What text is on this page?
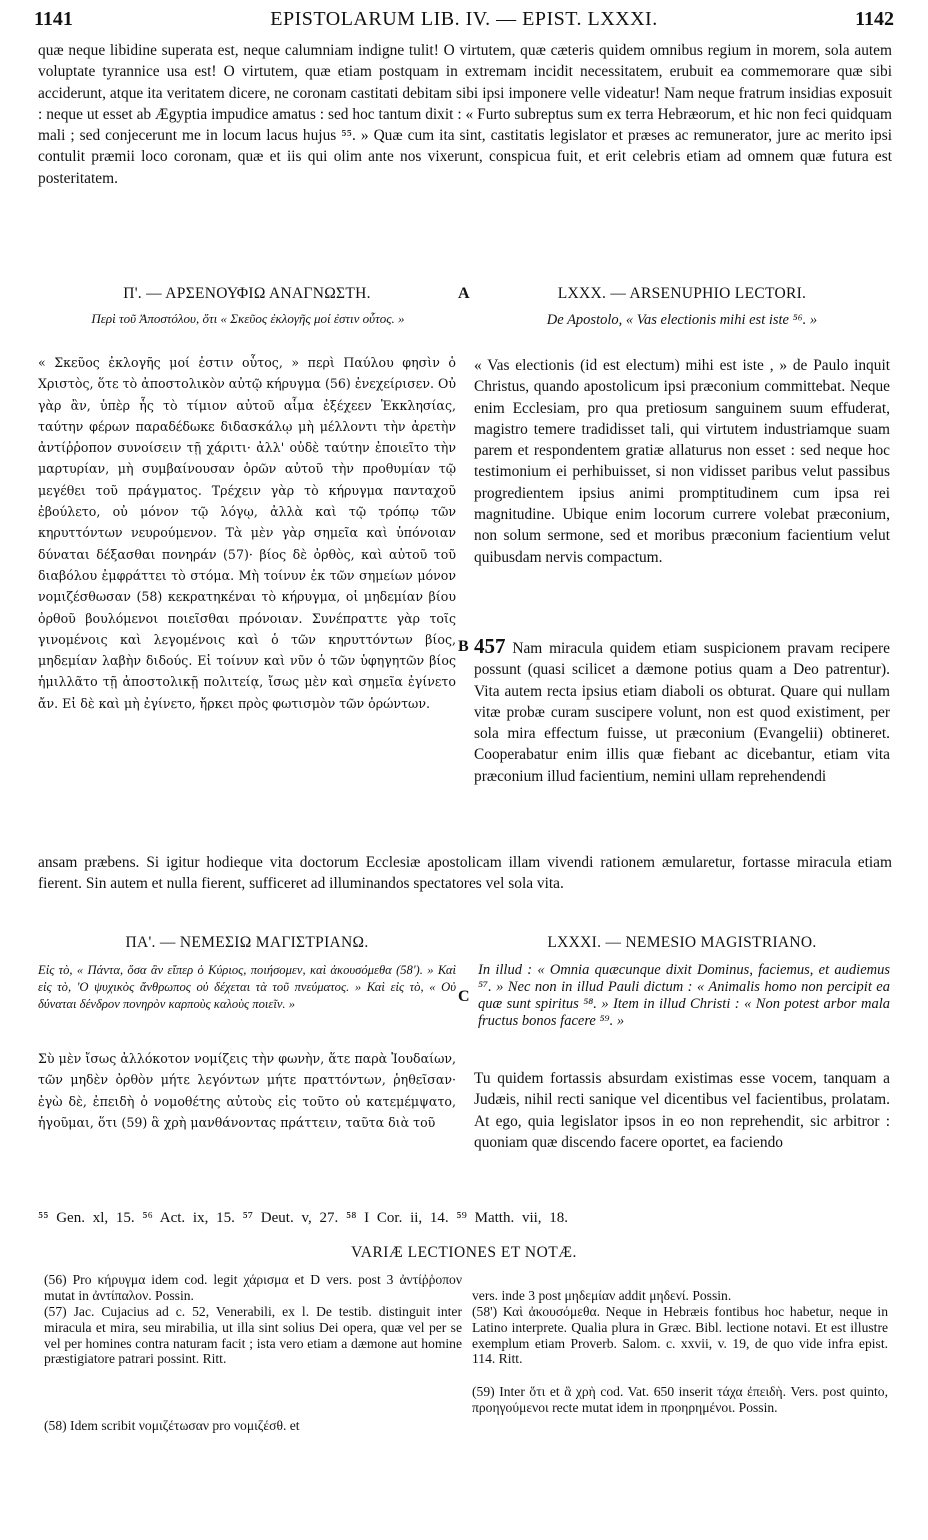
1141	EPISTOLARUM LIB. IV. — EPIST. LXXXI.	1142

quæ neque libidine superata est, neque calumniam indigne tulit! O virtutem, quæ cæteris quidem omnibus regium in morem, sola autem voluptate tyrannice usa est! O virtutem, quæ etiam postquam in extremam incidit necessitatem, erubuit ea commemorare quæ sibi acciderunt, atque ita veritatem dicere, ne coronam castitati debitam sibi ipsi imponere velle videatur! Nam neque fratrum insidias exposuit : neque ut esset ab Ægyptia impudice amatus : sed hoc tantum dixit : « Furto subreptus sum ex terra Hebræorum, et hic non feci quidquam mali ; sed conjecerunt me in locum lacus hujus ⁵⁵. » Quæ cum ita sint, castitatis legislator et præses ac remunerator, jure ac merito ipsi contulit præmii loco coronam, quæ et iis qui olim ante nos vixerunt, conspicua fuit, et erit celebris etiam ad omnem quæ futura est posteritatem.

Π'. — ΑΡΣΕΝΟΥΦΙΩ ΑΝΑΓΝΩΣΤΗ.	A	LXXX. — ARSENUPHIO LECTORI.
Περὶ τοῦ Ἀποστόλου, ὅτι « Σκεῦος ἐκλογῆς μοί ἐστιν οὗτος. »	De Apostolo, « Vas electionis mihi est iste ⁵⁶. »

« Σκεῦος ἐκλογῆς μοί ἐστιν οὗτος, » περὶ Παύλου φησὶν ὁ Χριστὸς, ὅτε τὸ ἀποστολικὸν αὐτῷ κήρυγμα (56) ἐνεχείρισεν. Οὐ γὰρ ἂν, ὑπὲρ ἧς τὸ τίμιον αὐτοῦ αἷμα ἐξέχεεν Ἐκκλησίας, ταύτην φέρων παραδέδωκε διδασκάλῳ μὴ μέλλοντι τὴν ἀρετὴν ἀντίῤῥοπον συνοίσειν τῇ χάριτι· ἀλλ' οὐδὲ ταύτην ἐποιεῖτο τὴν μαρτυρίαν, μὴ συμβαίνουσαν ὁρῶν αὐτοῦ τὴν προθυμίαν τῷ μεγέθει τοῦ πράγματος. Τρέχειν γὰρ τὸ κήρυγμα πανταχοῦ ἐβούλετο, οὐ μόνον τῷ λόγῳ, ἀλλὰ καὶ τῷ τρόπῳ τῶν κηρυττόντων νευρούμενον. Τὰ μὲν γὰρ σημεῖα καὶ ὑπόνοιαν δύναται δέξασθαι πονηράν (57)· βίος δὲ ὀρθὸς, καὶ αὐτοῦ τοῦ διαβόλου ἐμφράττει τὸ στόμα. Μὴ τοίνυν ἐκ τῶν σημείων μόνον νομιζέσθωσαν (58) κεκρατηκέναι τὸ κήρυγμα, οἱ μηδεμίαν βίου ὀρθοῦ βουλόμενοι ποιεῖσθαι πρόνοιαν. Συνέπραττε γὰρ τοῖς γινομένοις καὶ λεγομένοις καὶ ὁ τῶν κηρυττόντων βίος, μηδεμίαν λαβὴν διδούς. Εἰ τοίνυν καὶ νῦν ὁ τῶν ὑφηγητῶν βίος ἡμιλλᾶτο τῇ ἀποστολικῇ πολιτείᾳ, ἴσως μὲν καὶ σημεῖα ἐγίνετο ἄν. Εἰ δὲ καὶ μὴ ἐγίνετο, ἤρκει πρὸς φωτισμὸν τῶν ὁρώντων.

« Vas electionis (id est electum) mihi est iste , » de Paulo inquit Christus, quando apostolicum ipsi præconium committebat. Neque enim Ecclesiam, pro qua pretiosum sanguinem suum effuderat, magistro temere tradidisset tali, qui virtutem industriamque suam parem et respondentem gratiæ allaturus non esset : sed neque hoc testimonium ei perhibuisset, si non vidisset paribus velut passibus progredientem ipsius animi promptitudinem cum ipsa rei magnitudine. Ubique enim locorum currere volebat præconium, non solum sermone, sed et moribus præconium facientium velut quibusdam nervis compactum.

B 457 Nam miracula quidem etiam suspicionem pravam recipere possunt (quasi scilicet a dæmone potius quam a Deo patrentur). Vita autem recta ipsius etiam diaboli os obturat. Quare qui nullam vitæ probæ curam suscipere volunt, non est quod existiment, per sola mira effectum fuisse, ut præconium (Evangelii) obtineret. Cooperabatur enim illis quæ fiebant ac dicebantur, etiam vita præconium illud facientium, nemini ullam reprehendendi

ansam præbens. Si igitur hodieque vita doctorum Ecclesiæ apostolicam illam vivendi rationem æmularetur, fortasse miracula etiam fierent. Sin autem et nulla fierent, sufficeret ad illuminandos spectatores vel sola vita.

ΠΑ'. — ΝΕΜΕΣΙΩ ΜΑΓΙΣΤΡΙΑΝΩ.	LXXXI. — NEMESIO MAGISTRIANO.
Εἰς τὸ, « Πάντα, ὅσα ἂν εἴπερ ὁ Κύριος, ποιήσομεν, καὶ ἀκουσόμεθα (58'). » Καὶ εἰς τὸ, 'Ο ψυχικὸς ἄνθρωπος οὐ δέχεται τὰ τοῦ πνεύματος. » Καὶ εἰς τὸ, « Οὐ δύναται δένδρον πονηρὸν καρποὺς καλοὺς ποιεῖν. »	C
In illud : « Omnia quæcunque dixit Dominus, faciemus, et audiemus ⁵⁷. » Nec non in illud Pauli dictum : « Animalis homo non percipit ea quæ sunt spiritus ⁵⁸. » Item in illud Christi : « Non potest arbor mala fructus bonos facere ⁵⁹. »

Σὺ μὲν ἴσως ἀλλόκοτον νομίζεις τὴν φωνὴν, ἅτε παρὰ Ἰουδαίων, τῶν μηδὲν ὀρθὸν μήτε λεγόντων μήτε πραττόντων, ῥηθεῖσαν· ἐγὼ δὲ, ἐπειδὴ ὁ νομοθέτης αὐτοὺς εἰς τοῦτο οὐ κατεμέμψατο, ἡγοῦμαι, ὅτι (59) ἃ χρὴ μανθάνοντας πράττειν, ταῦτα διὰ τοῦ

Tu quidem fortassis absurdam existimas esse vocem, tanquam a Judæis, nihil recti sanique vel dicentibus vel facientibus, prolatam. At ego, quia legislator ipsos in eo non reprehendit, sic arbitror : quoniam quæ discendo facere oportet, ea faciendo

⁵⁵ Gen. xl, 15. ⁵⁶ Act. ix, 15. ⁵⁷ Deut. v, 27. ⁵⁸ I Cor. ii, 14. ⁵⁹ Matth. vii, 18.
VARIÆ LECTIONES ET NOTÆ.

(56) Pro κήρυγμα idem cod. legit χάρισμα et D vers. post 3 ἀντίῤῥοπον mutat in ἀντίπαλον. Possin.

(57) Jac. Cujacius ad c. 52, Venerabili, ex l. De testib. distinguit inter miracula et mira, seu mirabilia, ut illa sint solius Dei opera, quæ vel per se vel per homines contra naturam facit ; ista vero etiam a dæmone aut homine præstigiatore patrari possint. Ritt.

(58) Idem scribit νομιζέτωσαν pro νομιζέσθ. et

vers. inde 3 post μηδεμίαν addit μηδενί. Possin.

(58') Καὶ ἀκουσόμεθα. Neque in Hebræis fontibus hoc habetur, neque in Latino interprete. Qualia plura in Græc. Bibl. lectione notavi. Et est illustre exemplum etiam Proverb. Salom. c. xxvii, v. 19, de quo vide infra epist. 114. Ritt.

(59) Inter ὅτι et ἃ χρὴ cod. Vat. 650 inserit τάχα ἐπειδὴ. Vers. post quinto, προηγούμενοι recte mutat idem in προηρημένοι. Possin.
